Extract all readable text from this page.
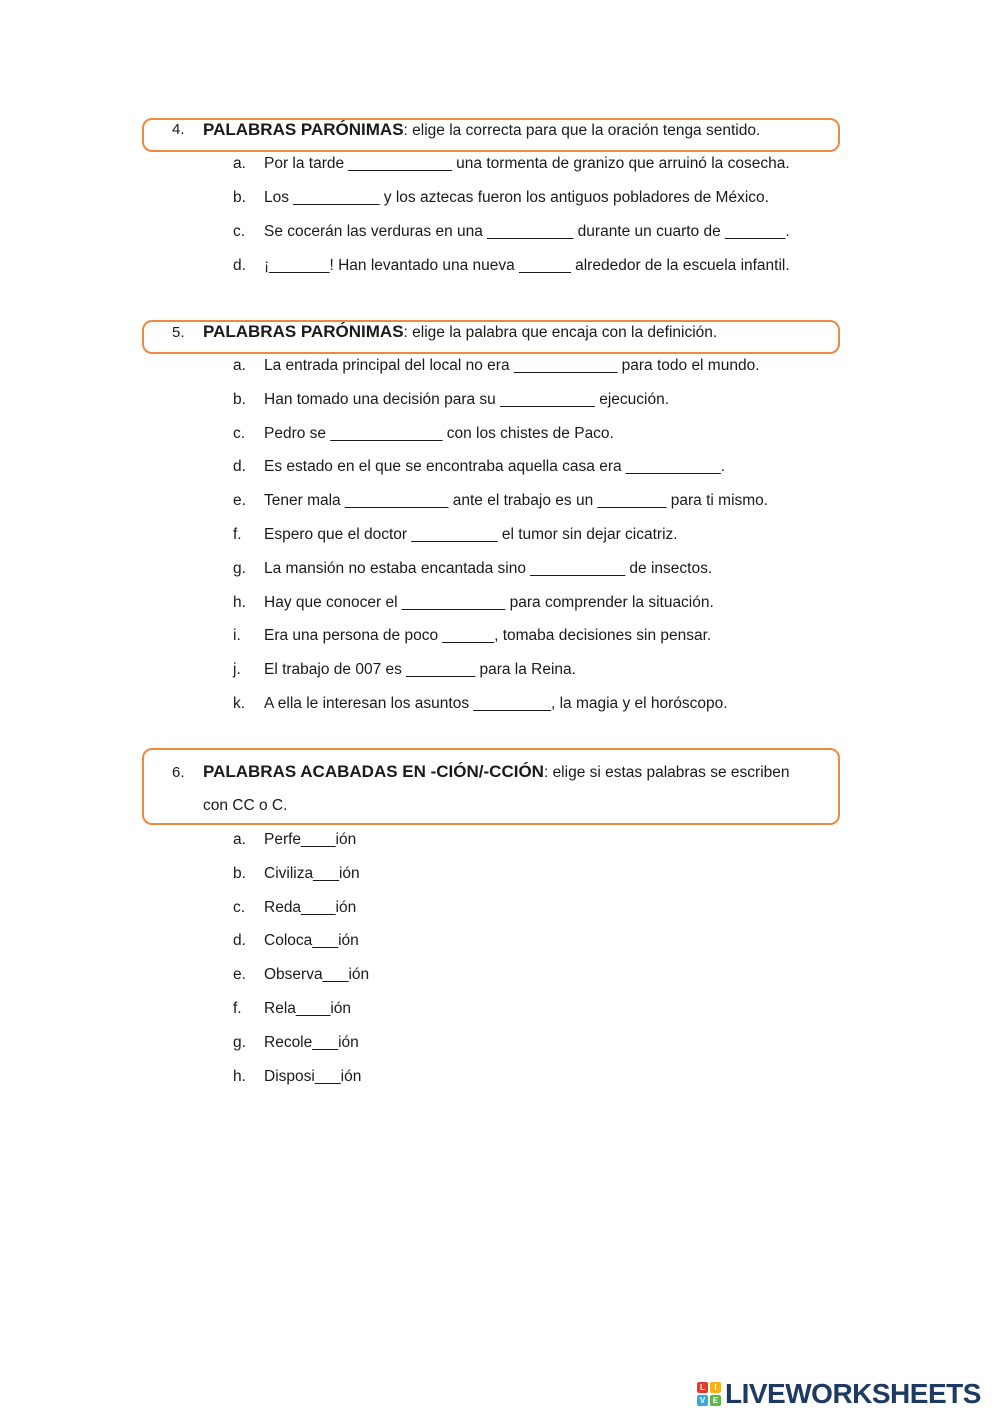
4. PALABRAS PARÓNIMAS: elige la correcta para que la oración tenga sentido.
a. Por la tarde ____________ una tormenta de granizo que arruinó la cosecha.
b. Los __________ y los aztecas fueron los antiguos pobladores de México.
c. Se cocerán las verduras en una __________ durante un cuarto de _______.
d. ¡_______! Han levantado una nueva ______ alrededor de la escuela infantil.
5. PALABRAS PARÓNIMAS: elige la palabra que encaja con la definición.
a. La entrada principal del local no era ____________ para todo el mundo.
b. Han tomado una decisión para su ___________ ejecución.
c. Pedro se _____________ con los chistes de Paco.
d. Es estado en el que se encontraba aquella casa era ___________.
e. Tener mala ____________ ante el trabajo es un ________ para ti mismo.
f. Espero que el doctor __________ el tumor sin dejar cicatriz.
g. La mansión no estaba encantada sino ___________ de insectos.
h. Hay que conocer el ____________ para comprender la situación.
i. Era una persona de poco ______, tomaba decisiones sin pensar.
j. El trabajo de 007 es ________ para la Reina.
k. A ella le interesan los asuntos _________, la magia y el horóscopo.
6. PALABRAS ACABADAS EN -CIÓN/-CCIÓN: elige si estas palabras se escriben
con CC o C.
a. Perfe____ión
b. Civiliza___ión
c. Reda____ión
d. Coloca___ión
e. Observa___ión
f. Rela____ión
g. Recole___ión
h. Disposi___ión
L	I
V E LIVEWORKSHEETS
